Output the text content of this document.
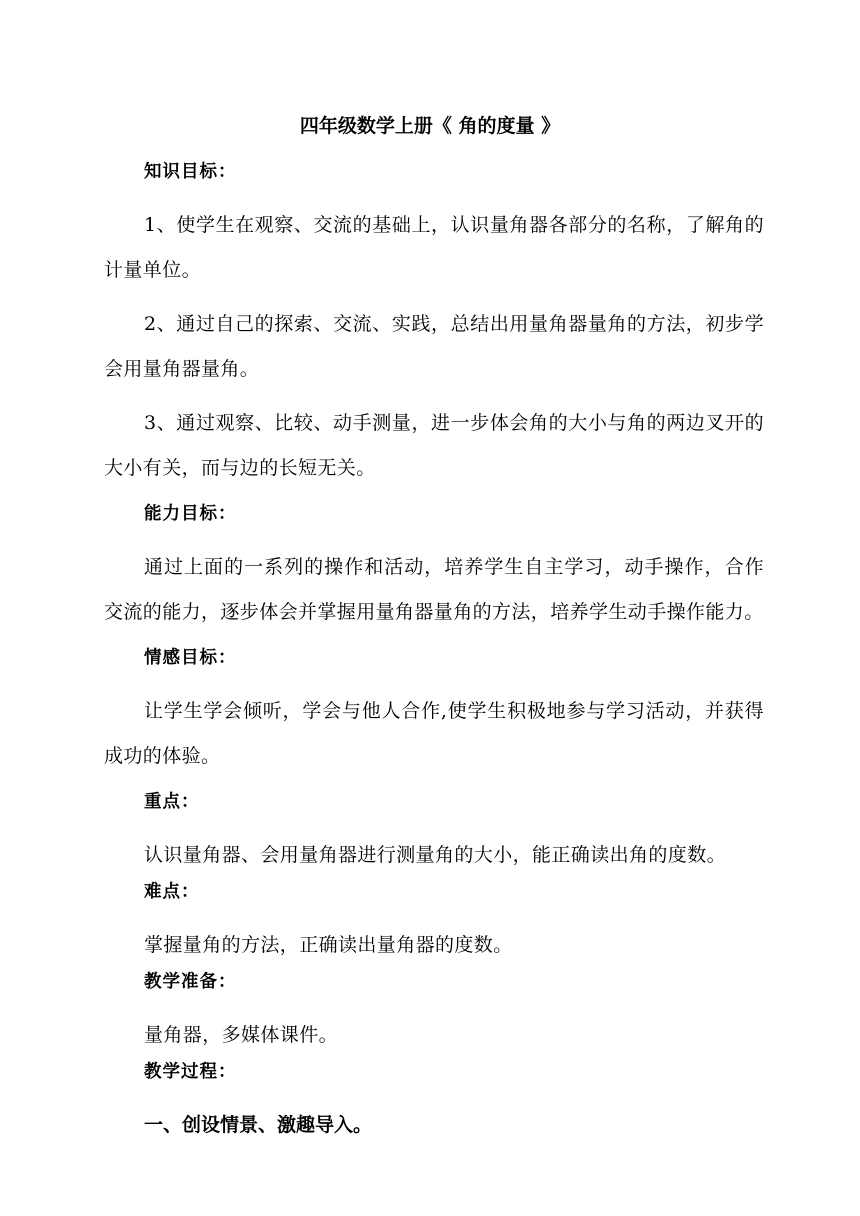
四年级数学上册《 角的度量 》

知识目标：

1、使学生在观察、交流的基础上，认识量角器各部分的名称，了解角的计量单位。

2、通过自己的探索、交流、实践，总结出用量角器量角的方法，初步学会用量角器量角。

3、通过观察、比较、动手测量，进一步体会角的大小与角的两边叉开的大小有关，而与边的长短无关。

能力目标：

通过上面的一系列的操作和活动，培养学生自主学习，动手操作，合作交流的能力，逐步体会并掌握用量角器量角的方法，培养学生动手操作能力。

情感目标：

让学生学会倾听，学会与他人合作,使学生积极地参与学习活动，并获得成功的体验。

重点：

认识量角器、会用量角器进行测量角的大小，能正确读出角的度数。

难点：

掌握量角的方法，正确读出量角器的度数。

教学准备：

量角器，多媒体课件。

教学过程：

一、创设情景、激趣导入。
